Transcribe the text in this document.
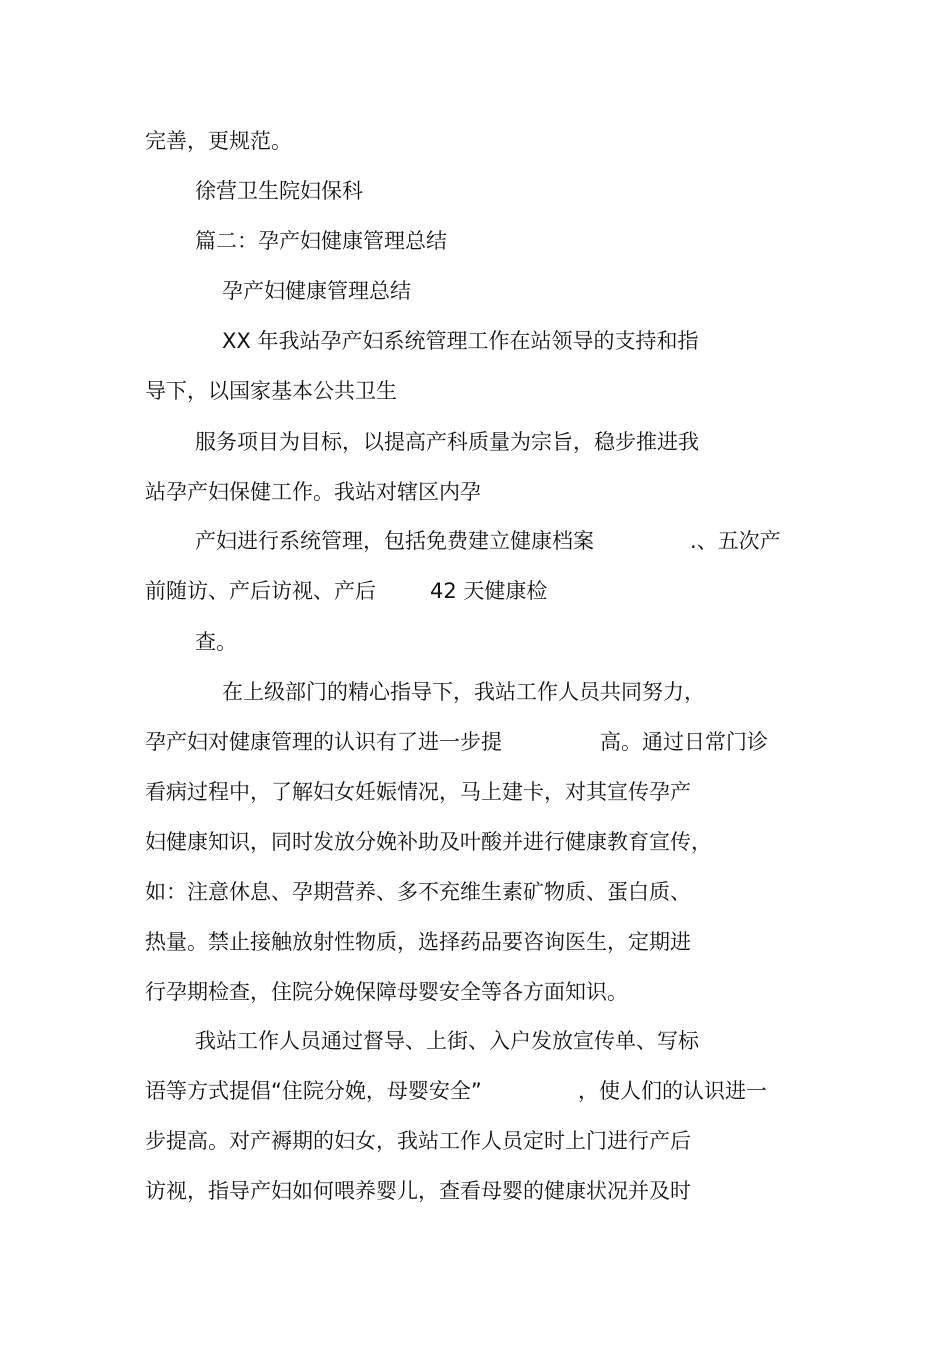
完善，更规范。
徐营卫生院妇保科
篇二：孕产妇健康管理总结
孕产妇健康管理总结
XX 年我站孕产妇系统管理工作在站领导的支持和指
导下，以国家基本公共卫生
服务项目为目标，以提高产科质量为宗旨，稳步推进我
站孕产妇保健工作。我站对辖区内孕
产妇进行系统管理，包括免费建立健康档案	.、五次产
前随访、产后访视、产后	42 天健康检
查。
在上级部门的精心指导下，我站工作人员共同努力，
孕产妇对健康管理的认识有了进一步提	高。通过日常门诊
看病过程中，了解妇女妊娠情况，马上建卡，对其宣传孕产
妇健康知识，同时发放分娩补助及叶酸并进行健康教育宣传，
如：注意休息、孕期营养、多不充维生素矿物质、蛋白质、
热量。禁止接触放射性物质，选择药品要咨询医生，定期进
行孕期检查，住院分娩保障母婴安全等各方面知识。
我站工作人员通过督导、上街、入户发放宣传单、写标
语等方式提倡“住院分娩，母婴安全”	，使人们的认识进一
步提高。对产褥期的妇女，我站工作人员定时上门进行产后
访视，指导产妇如何喂养婴儿，查看母婴的健康状况并及时
